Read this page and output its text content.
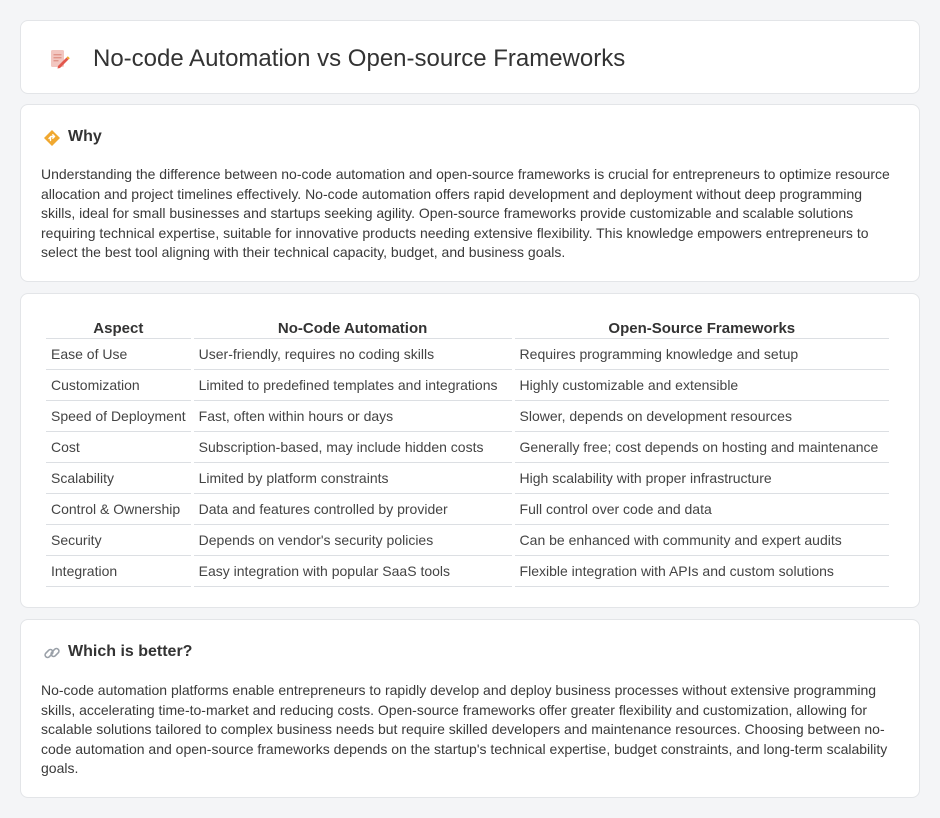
No-code Automation vs Open-source Frameworks
Why

Understanding the difference between no-code automation and open-source frameworks is crucial for entrepreneurs to optimize resource allocation and project timelines effectively. No-code automation offers rapid development and deployment without deep programming skills, ideal for small businesses and startups seeking agility. Open-source frameworks provide customizable and scalable solutions requiring technical expertise, suitable for innovative products needing extensive flexibility. This knowledge empowers entrepreneurs to select the best tool aligning with their technical capacity, budget, and business goals.

Aspect	No-Code Automation	Open-Source Frameworks
Ease of Use	User-friendly, requires no coding skills	Requires programming knowledge and setup
Customization	Limited to predefined templates and integrations	Highly customizable and extensible
Speed of Deployment	Fast, often within hours or days	Slower, depends on development resources
Cost	Subscription-based, may include hidden costs	Generally free; cost depends on hosting and maintenance
Scalability	Limited by platform constraints	High scalability with proper infrastructure
Control & Ownership	Data and features controlled by provider	Full control over code and data
Security	Depends on vendor's security policies	Can be enhanced with community and expert audits
Integration	Easy integration with popular SaaS tools	Flexible integration with APIs and custom solutions
Which is better?

No-code automation platforms enable entrepreneurs to rapidly develop and deploy business processes without extensive programming skills, accelerating time-to-market and reducing costs. Open-source frameworks offer greater flexibility and customization, allowing for scalable solutions tailored to complex business needs but require skilled developers and maintenance resources. Choosing between no-code automation and open-source frameworks depends on the startup's technical expertise, budget constraints, and long-term scalability goals.
